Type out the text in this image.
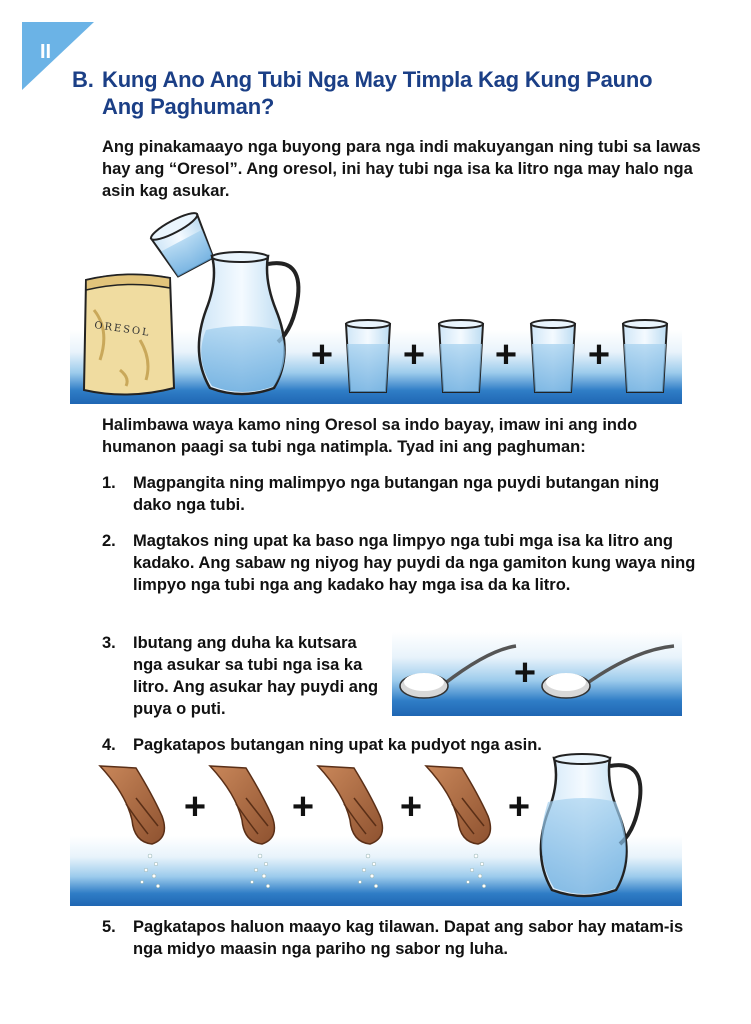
II
B. Kung Ano Ang Tubi Nga May Timpla Kag Kung Pauno Ang Paghuman?

Ang pinakamaayo nga buyong para nga indi makuyangan ning tubi sa lawas hay ang “Oresol”. Ang oresol, ini hay tubi nga isa ka litro nga may halo nga asin kag asukar.

ORESOL
+ + + +

Halimbawa waya kamo ning Oresol sa indo bayay, imaw ini ang indo humanon paagi sa tubi nga natimpla. Tyad ini ang paghuman:

1. Magpangita ning malimpyo nga butangan nga puydi butangan ning dako nga tubi.
2. Magtakos ning upat ka baso nga limpyo nga tubi mga isa ka litro ang kadako. Ang sabaw ng niyog hay puydi da nga gamiton kung waya ning limpyo nga tubi nga ang kadako hay mga isa da ka litro.
3. Ibutang ang duha ka kutsara nga asukar sa tubi nga isa ka litro. Ang asukar hay puydi ang puya o puti.
4. Pagkatapos butangan ning upat ka pudyot nga asin.
5. Pagkatapos haluon maayo kag tilawan. Dapat ang sabor hay matam-is nga midyo maasin nga pariho ng sabor ng luha.
+
+ + + +
